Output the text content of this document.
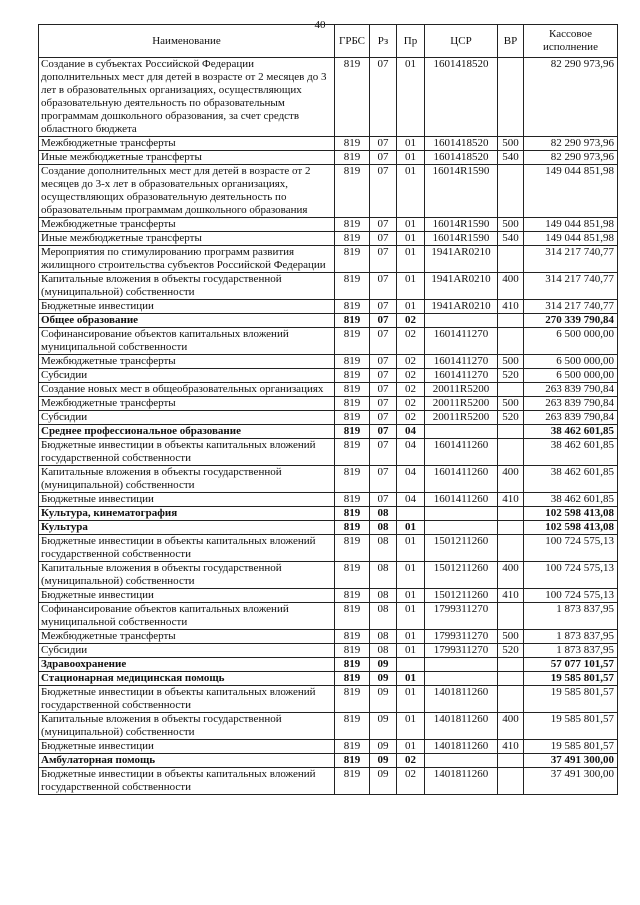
40
Наименование	ГРБС	Рз	Пр	ЦСР	ВР	Кассовое исполнение
Создание в субъектах Российской Федерации дополнительных мест для детей в возрасте от 2 месяцев до 3 лет в образовательных организациях, осуществляющих образовательную деятельность по образовательным программам дошкольного образования, за счет средств областного бюджета	819	07	01	1601418520		82 290 973,96
Межбюджетные трансферты	819	07	01	1601418520	500	82 290 973,96
Иные межбюджетные трансферты	819	07	01	1601418520	540	82 290 973,96
Создание дополнительных мест для детей в возрасте от 2 месяцев до 3-х лет в образовательных организациях, осуществляющих образовательную деятельность по образовательным программам дошкольного образования	819	07	01	16014R1590		149 044 851,98
Межбюджетные трансферты	819	07	01	16014R1590	500	149 044 851,98
Иные межбюджетные трансферты	819	07	01	16014R1590	540	149 044 851,98
Мероприятия по стимулированию программ развития жилищного строительства субъектов Российской Федерации	819	07	01	1941AR0210		314 217 740,77
Капитальные вложения в объекты государственной (муниципальной) собственности	819	07	01	1941AR0210	400	314 217 740,77
Бюджетные инвестиции	819	07	01	1941AR0210	410	314 217 740,77
Общее образование	819	07	02			270 339 790,84
Софинансирование объектов капитальных вложений муниципальной собственности	819	07	02	1601411270		6 500 000,00
Межбюджетные трансферты	819	07	02	1601411270	500	6 500 000,00
Субсидии	819	07	02	1601411270	520	6 500 000,00
Создание новых мест в общеобразовательных организациях	819	07	02	20011R5200		263 839 790,84
Межбюджетные трансферты	819	07	02	20011R5200	500	263 839 790,84
Субсидии	819	07	02	20011R5200	520	263 839 790,84
Среднее профессиональное образование	819	07	04			38 462 601,85
Бюджетные инвестиции в объекты капитальных вложений государственной собственности	819	07	04	1601411260		38 462 601,85
Капитальные вложения в объекты государственной (муниципальной) собственности	819	07	04	1601411260	400	38 462 601,85
Бюджетные инвестиции	819	07	04	1601411260	410	38 462 601,85
Культура, кинематография	819	08				102 598 413,08
Культура	819	08	01			102 598 413,08
Бюджетные инвестиции в объекты капитальных вложений государственной собственности	819	08	01	1501211260		100 724 575,13
Капитальные вложения в объекты государственной (муниципальной) собственности	819	08	01	1501211260	400	100 724 575,13
Бюджетные инвестиции	819	08	01	1501211260	410	100 724 575,13
Софинансирование объектов капитальных вложений муниципальной собственности	819	08	01	1799311270		1 873 837,95
Межбюджетные трансферты	819	08	01	1799311270	500	1 873 837,95
Субсидии	819	08	01	1799311270	520	1 873 837,95
Здравоохранение	819	09				57 077 101,57
Стационарная медицинская помощь	819	09	01			19 585 801,57
Бюджетные инвестиции в объекты капитальных вложений государственной собственности	819	09	01	1401811260		19 585 801,57
Капитальные вложения в объекты государственной (муниципальной) собственности	819	09	01	1401811260	400	19 585 801,57
Бюджетные инвестиции	819	09	01	1401811260	410	19 585 801,57
Амбулаторная помощь	819	09	02			37 491 300,00
Бюджетные инвестиции в объекты капитальных вложений государственной собственности	819	09	02	1401811260		37 491 300,00
